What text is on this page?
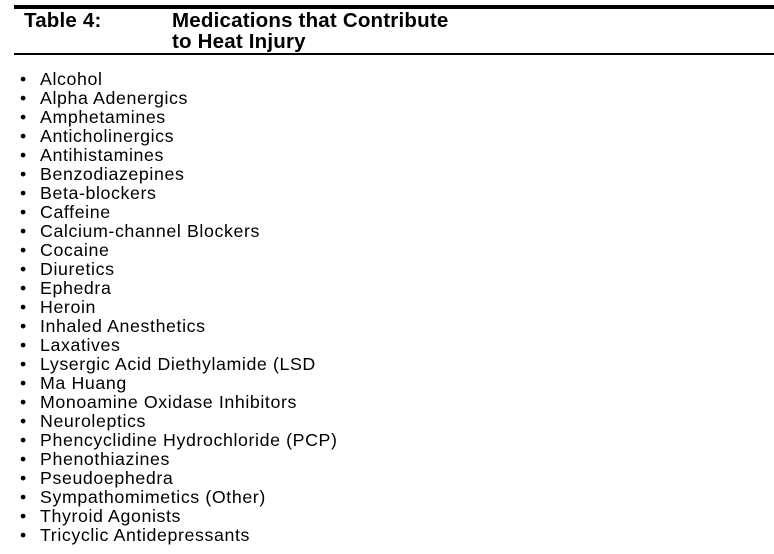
Table 4:	Medications that Contribute
to Heat Injury
• Alcohol
• Alpha Adenergics
• Amphetamines
• Anticholinergics
• Antihistamines
• Benzodiazepines
• Beta-blockers
• Caffeine
• Calcium-channel Blockers
• Cocaine
• Diuretics
• Ephedra
• Heroin
• Inhaled Anesthetics
• Laxatives
• Lysergic Acid Diethylamide (LSD
• Ma Huang
• Monoamine Oxidase Inhibitors
• Neuroleptics
• Phencyclidine Hydrochloride (PCP)
• Phenothiazines
• Pseudoephedra
• Sympathomimetics (Other)
• Thyroid Agonists
• Tricyclic Antidepressants
